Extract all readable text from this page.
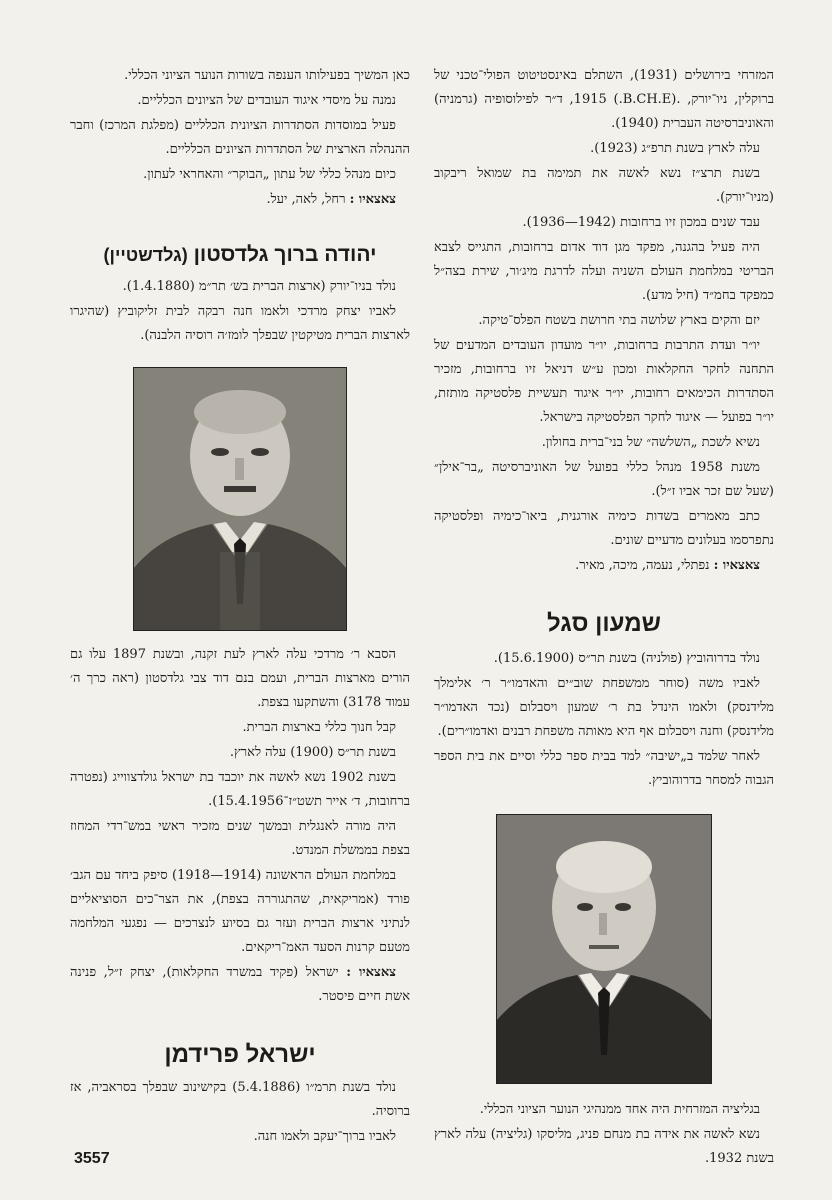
המזרחי בירושלים (1931), השתלם באינסטיטוט הפולי־טכני של ברוקלין, ניו־יורק, .(B.CH.E.) 1915, ד״ר לפילוסופיה (גרמניה) והאוניברסיטה העברית (1940).

עלה לארץ בשנת תרפ״ג (1923).

בשנת תרצ״ז נשא לאשה את תמימה בת שמואל ריבקוב (מניו־יורק).

עבד שנים במכון זיו ברחובות (1942—1936).

היה פעיל בהגנה, מפקד מגן דוד אדום ברחובות, התגייס לצבא הבריטי במלחמת העולם השניה ועלה לדרגת מיג׳ור, שירת בצה״ל כמפקד בחמ״ד (חיל מדע).

יזם והקים בארץ שלושה בתי חרושת בשטח הפלס־טיקה.

יו״ר ועדת התרבות ברחובות, יו״ר מועדון העובדים המדעים של התחנה לחקר החקלאות ומכון ע״ש דניאל זיו ברחובות, מזכיר הסתדרות הכימאים רחובות, יו״ר איגוד תעשיית פלסטיקה מותזת, יו״ר בפועל — איגוד לחקר הפלסטיקה בישראל.

נשיא לשכת „השלשה״ של בני־ברית בחולון.

משנת 1958 מנהל כללי בפועל של האוניברסיטה „בר־אילן״ (שעל שם זכר אביו ז״ל).

כתב מאמרים בשדות כימיה אורגנית, ביאו־כימיה ופלסטיקה נתפרסמו בעלונים מדעיים שונים.

צאצאיו : נפתלי, נעמה, מיכה, מאיר.

שמעון סגל

נולד בדרוהוביץ (פולניה) בשנת תר״ס (15.6.1900).

לאביו משה (סוחר ממשפחת שוב״ים והאדמו״ר ר׳ אלימלך מלידנסק) ולאמו הינדל בת ר׳ שמעון ויסבלום (נכד האדמו״ר מלידנסק) וחנה ויסבלום אף היא מאותה משפחת רבנים ואדמו״רים).

לאחר שלמד ב„ישיבה״ למד בבית ספר כללי וסיים את בית הספר הגבוה למסחר בדרוהוביץ.

בגליציה המזרחית היה אחד ממנהיגי הנוער הציוני הכללי.

נשא לאשה את אידה בת מנחם פניג, מליסקו (גליציה) עלה לארץ בשנת 1932.

כאן המשיך בפעילותו הענפה בשורות הנוער הציוני הכללי.

נמנה על מיסדי איגוד העובדים של הציונים הכלליים.

פעיל במוסדות הסתדרות הציונית הכלליים (מפלגת המרכז) וחבר ההנהלה הארצית של הסתדרות הציונים הכלליים.

כיום מנהל כללי של עתון „הבוקר״ והאחראי לעתון.

צאצאיו : רחל, לאה, יעל.

יהודה ברוך גלדסטון (גלדשטיין)

נולד בניו־יורק (ארצות הברית בש׳ תר״מ (1.4.1880).

לאביו יצחק מרדכי ולאמו חנה רבקה לבית זליקוביץ (שהיגרו לארצות הברית מטיקטין שבפלך לומז׳ה רוסיה הלבנה).

הסבא ר׳ מרדכי עלה לארץ לעת זקנה, ובשנת 1897 עלו גם הורים מארצות הברית, ועמם בנם דוד צבי גלדסטון (ראה כרך ה׳ עמוד 3178) והשתקעו בצפת.

קבל חנוך כללי בארצות הברית.

בשנת תר״ס (1900) עלה לארץ.

בשנת 1902 נשא לאשה את יוכבד בת ישראל גולדצווייג (נפטרה ברחובות, ד׳ אייר תשט״ז־15.4.1956).

היה מורה לאנגלית ובמשך שנים מזכיר ראשי במש־רדי המחוז בצפת בממשלת המנדט.

במלחמת העולם הראשונה (1914—1918) סיפק ביחד עם הגב׳ פורד (אמריקאית, שהתגוררה בצפת), את הצר־כים הסוציאליים לנתיני ארצות הברית ועזר גם בסיוע לנצרכים — נפגעי המלחמה מטעם קרנות הסעד האמ־ריקאים.

צאצאיו : ישראל (פקיד במשרד החקלאות), יצחק ז״ל, פנינה אשת חיים פיסטר.

ישראל פרידמן

נולד בשנת תרמ״ו (5.4.1886) בקישינוב שבפלך בסראביה, אז ברוסיה.

לאביו ברוך־יעקב ולאמו חנה.

3557
